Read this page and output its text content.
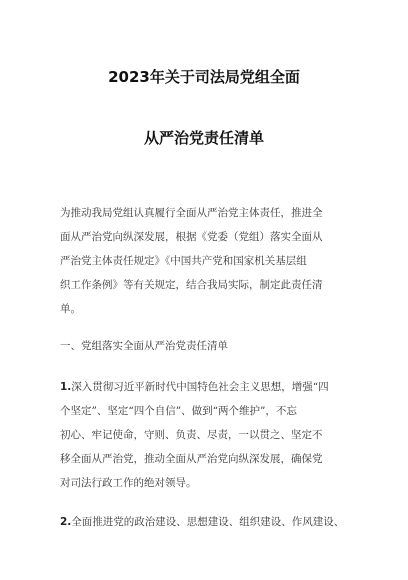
2023年关于司法局党组全面
从严治党责任清单
为推动我局党组认真履行全面从严治党主体责任，推进全
面从严治党向纵深发展，根据《党委（党组）落实全面从
严治党主体责任规定》《中国共产党和国家机关基层组
织工作条例》等有关规定，结合我局实际，制定此责任清
单。
一、党组落实全面从严治党责任清单
1.深入贯彻习近平新时代中国特色社会主义思想，增强“四
个坚定”、坚定“四个自信”、做到“两个维护”，不忘
初心、牢记使命，守则、负责、尽责，一以贯之、坚定不
移全面从严治党，推动全面从严治党向纵深发展，确保党
对司法行政工作的绝对领导。
2.全面推进党的政治建设、思想建设、组织建设、作风建设、
